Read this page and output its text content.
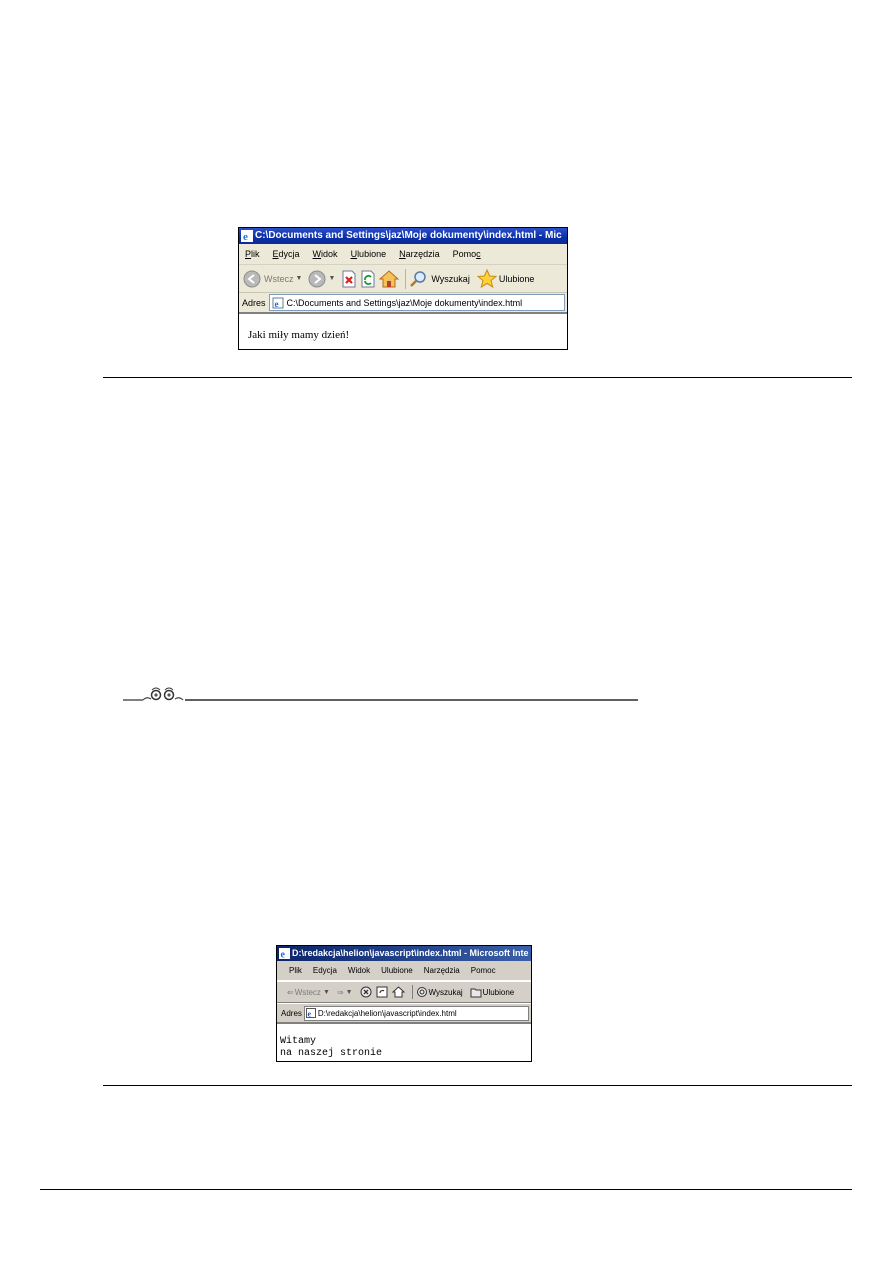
e C:\Documents and Settings\jaz\Moje dokumenty\index.html - Mic
Plik Edycja Widok Ulubione Narzędzia Pomoc
Wstecz ▼	▼	Wyszukaj	Ulubione
Adres e C:\Documents and Settings\jaz\Moje dokumenty\index.html
Jaki miły mamy dzień!
e D:\redakcja\helion\javascript\index.html - Microsoft Inte
Plik Edycja Widok Ulubione Narzędzia Pomoc
⇐ Wstecz ▼ ⇒ ▼	Wyszukaj	Ulubione
Adres e D:\redakcja\helion\javascript\index.html
Witamy
na naszej stronie
